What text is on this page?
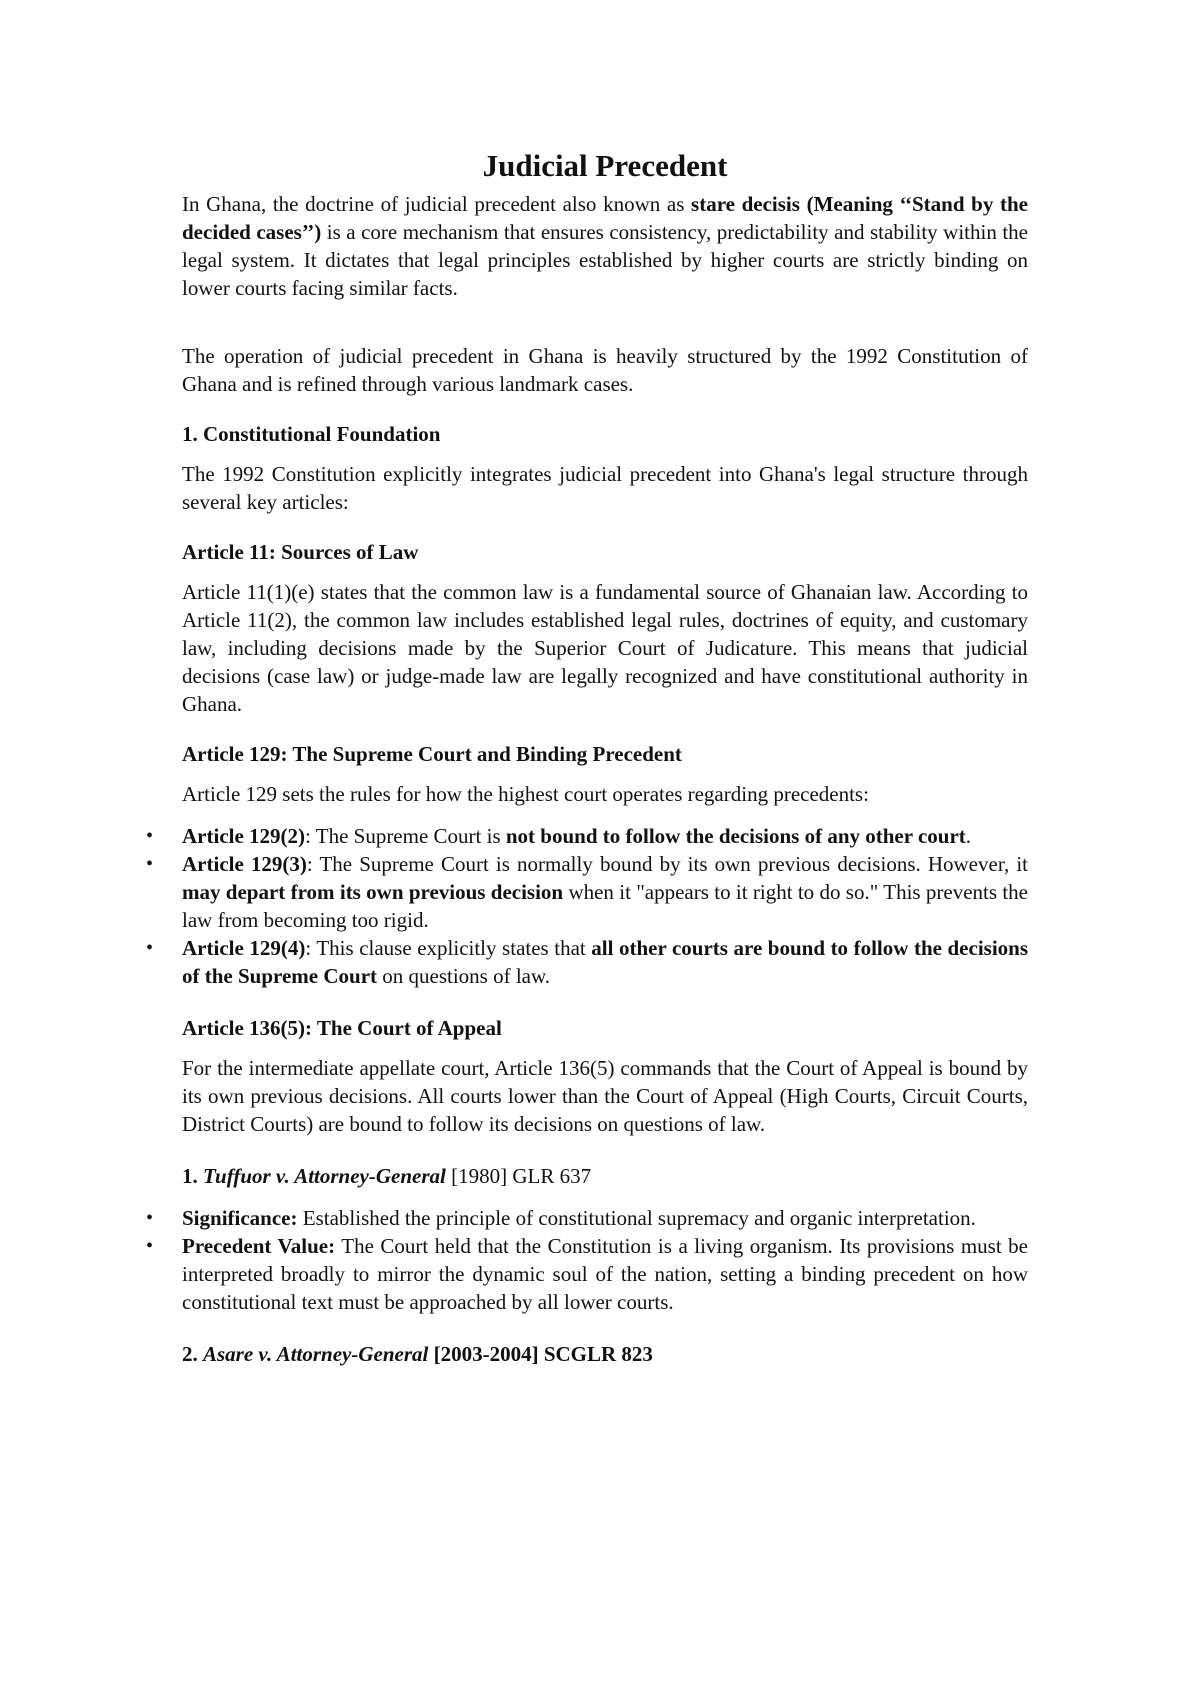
Judicial Precedent

In Ghana, the doctrine of judicial precedent also known as stare decisis (Meaning ‘‘Stand by the decided cases’’) is a core mechanism that ensures consistency, predictability and stability within the legal system. It dictates that legal principles established by higher courts are strictly binding on lower courts facing similar facts.

The operation of judicial precedent in Ghana is heavily structured by the 1992 Constitution of Ghana and is refined through various landmark cases.

1. Constitutional Foundation

The 1992 Constitution explicitly integrates judicial precedent into Ghana's legal structure through several key articles:

Article 11: Sources of Law

Article 11(1)(e) states that the common law is a fundamental source of Ghanaian law. According to Article 11(2), the common law includes established legal rules, doctrines of equity, and customary law, including decisions made by the Superior Court of Judicature. This means that judicial decisions (case law) or judge-made law are legally recognized and have constitutional authority in Ghana.

Article 129: The Supreme Court and Binding Precedent

Article 129 sets the rules for how the highest court operates regarding precedents:

• Article 129(2): The Supreme Court is not bound to follow the decisions of any other court.
• Article 129(3): The Supreme Court is normally bound by its own previous decisions. However, it may depart from its own previous decision when it "appears to it right to do so." This prevents the law from becoming too rigid.
• Article 129(4): This clause explicitly states that all other courts are bound to follow the decisions of the Supreme Court on questions of law.

Article 136(5): The Court of Appeal

For the intermediate appellate court, Article 136(5) commands that the Court of Appeal is bound by its own previous decisions. All courts lower than the Court of Appeal (High Courts, Circuit Courts, District Courts) are bound to follow its decisions on questions of law.

1. Tuffuor v. Attorney-General [1980] GLR 637

• Significance: Established the principle of constitutional supremacy and organic interpretation.
• Precedent Value: The Court held that the Constitution is a living organism. Its provisions must be interpreted broadly to mirror the dynamic soul of the nation, setting a binding precedent on how constitutional text must be approached by all lower courts.

2. Asare v. Attorney-General [2003-2004] SCGLR 823
